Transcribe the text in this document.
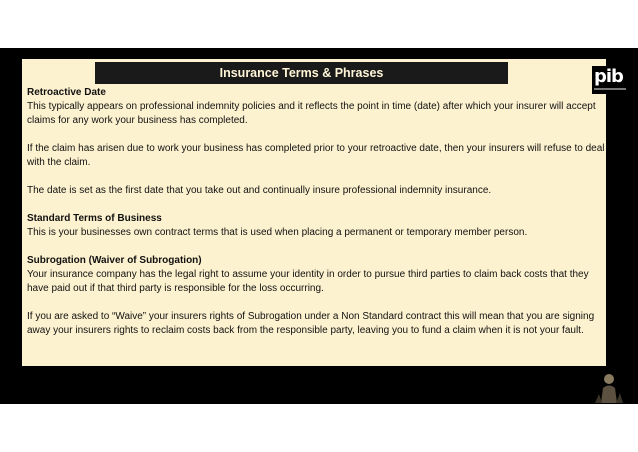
Insurance Terms & Phrases	pib

Retroactive Date

This typically appears on professional indemnity policies and it reflects the point in time (date) after which your insurer will accept claims for any work your business has completed.

If the claim has arisen due to work your business has completed prior to your retroactive date, then your insurers will refuse to deal with the claim.

The date is set as the first date that you take out and continually insure professional indemnity insurance.

Standard Terms of Business

This is your businesses own contract terms that is used when placing a permanent or temporary member person.

Subrogation (Waiver of Subrogation)

Your insurance company has the legal right to assume your identity in order to pursue third parties to claim back costs that they have paid out if that third party is responsible for the loss occurring.

If you are asked to “Waive” your insurers rights of Subrogation under a Non Standard contract this will mean that you are signing away your insurers rights to reclaim costs back from the responsible party, leaving you to fund a claim when it is not your fault.
